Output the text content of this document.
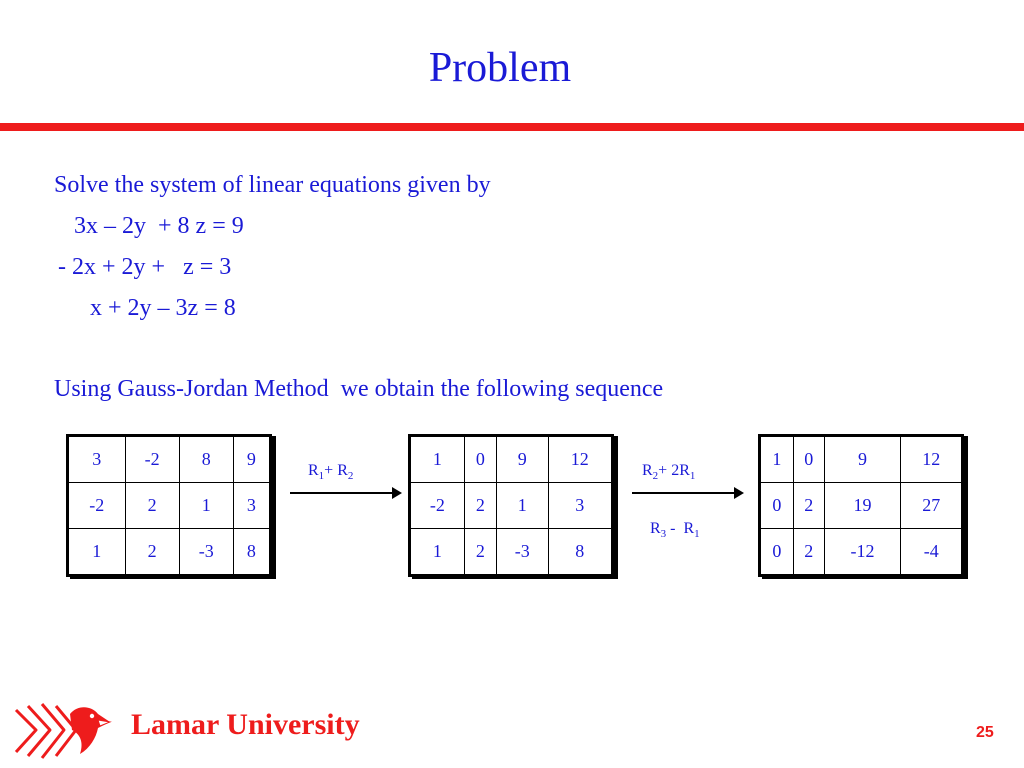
Problem
Solve the system of linear equations given by
3x – 2y  + 8 z = 9
- 2x + 2y +   z = 3
x + 2y – 3z = 8
Using Gauss-Jordan Method  we obtain the following sequence
3	-2	8	9
-2	2	1	3
1	2	-3	8
$R_1+ R_2$
1	0	9	12
-2	2	1	3
1	2	-3	8
$R_2+ 2R_1$
$R_3 - R_1$
1	0	9	12
0	2	19	27
0	2	-12	-4
Lamar University	25
